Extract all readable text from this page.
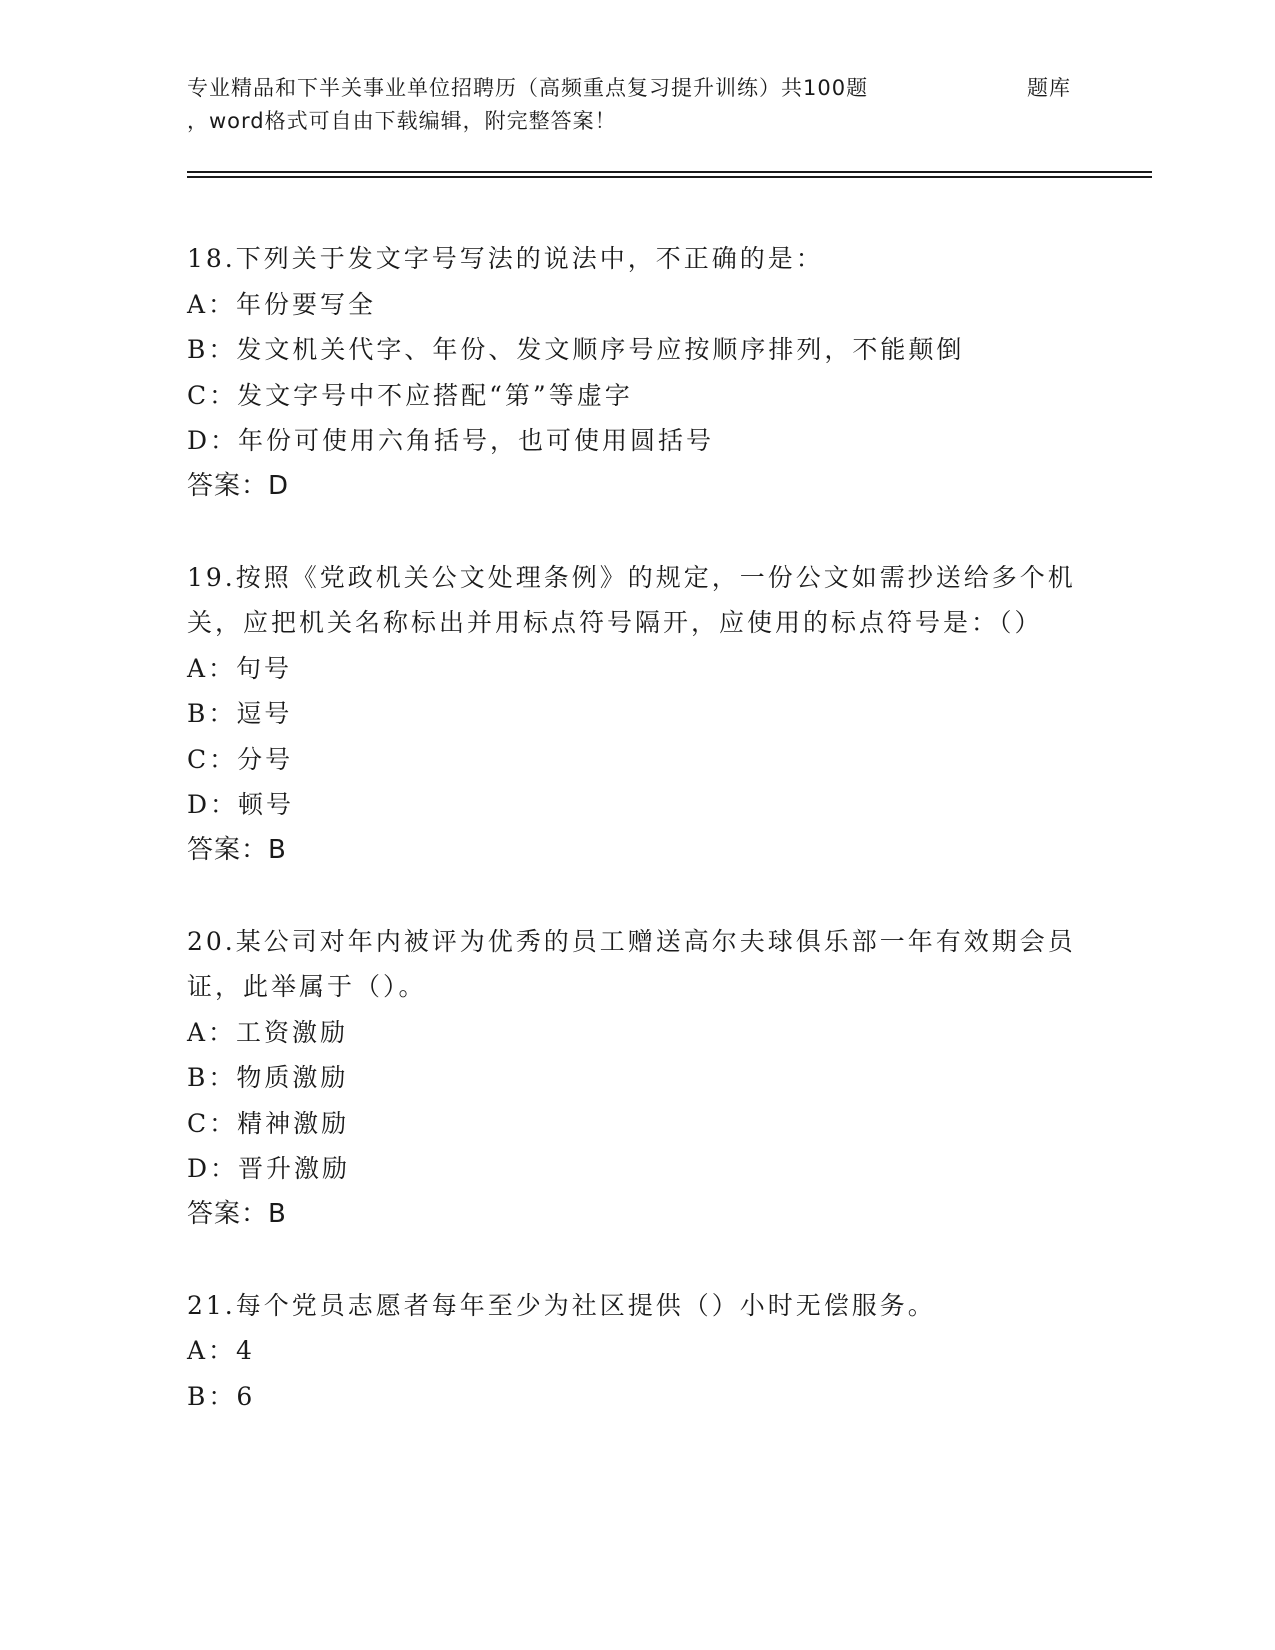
专业精品和下半关事业单位招聘历（高频重点复习提升训练）共100题	题库
，word格式可自由下载编辑，附完整答案！
18.下列关于发文字号写法的说法中，不正确的是：
A：年份要写全
B：发文机关代字、年份、发文顺序号应按顺序排列，不能颠倒
C：发文字号中不应搭配“第”等虚字
D：年份可使用六角括号，也可使用圆括号
答案：D
19.按照《党政机关公文处理条例》的规定，一份公文如需抄送给多个机关，应把机关名称标出并用标点符号隔开，应使用的标点符号是：（）
A：句号
B：逗号
C：分号
D：顿号
答案：B
20.某公司对年内被评为优秀的员工赠送高尔夫球俱乐部一年有效期会员证，此举属于（）。
A：工资激励
B：物质激励
C：精神激励
D：晋升激励
答案：B
21.每个党员志愿者每年至少为社区提供（）小时无偿服务。
A：4
B：6
